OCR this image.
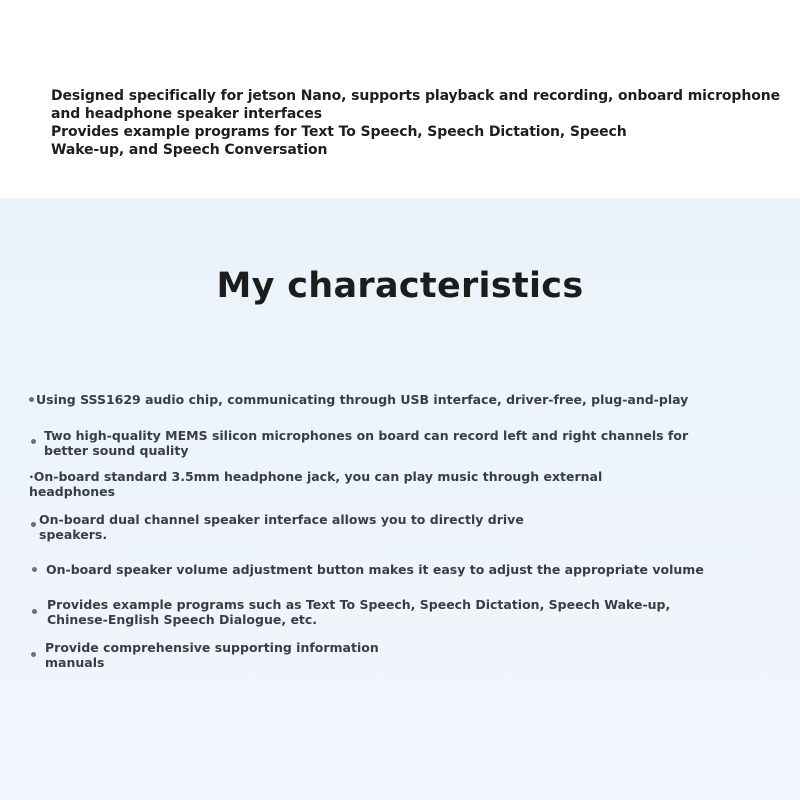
Designed specifically for jetson Nano, supports playback and recording, onboard microphone
and headphone speaker interfaces
Provides example programs for Text To Speech, Speech Dictation, Speech
Wake-up, and Speech Conversation
My characteristics
Using SSS1629 audio chip, communicating through USB interface, driver-free, plug-and-play
Two high-quality MEMS silicon microphones on board can record left and right channels for
better sound quality
·On-board standard 3.5mm headphone jack, you can play music through external
headphones
On-board dual channel speaker interface allows you to directly drive
speakers.
On-board speaker volume adjustment button makes it easy to adjust the appropriate volume
Provides example programs such as Text To Speech, Speech Dictation, Speech Wake-up,
Chinese-English Speech Dialogue, etc.
Provide comprehensive supporting information
manuals
